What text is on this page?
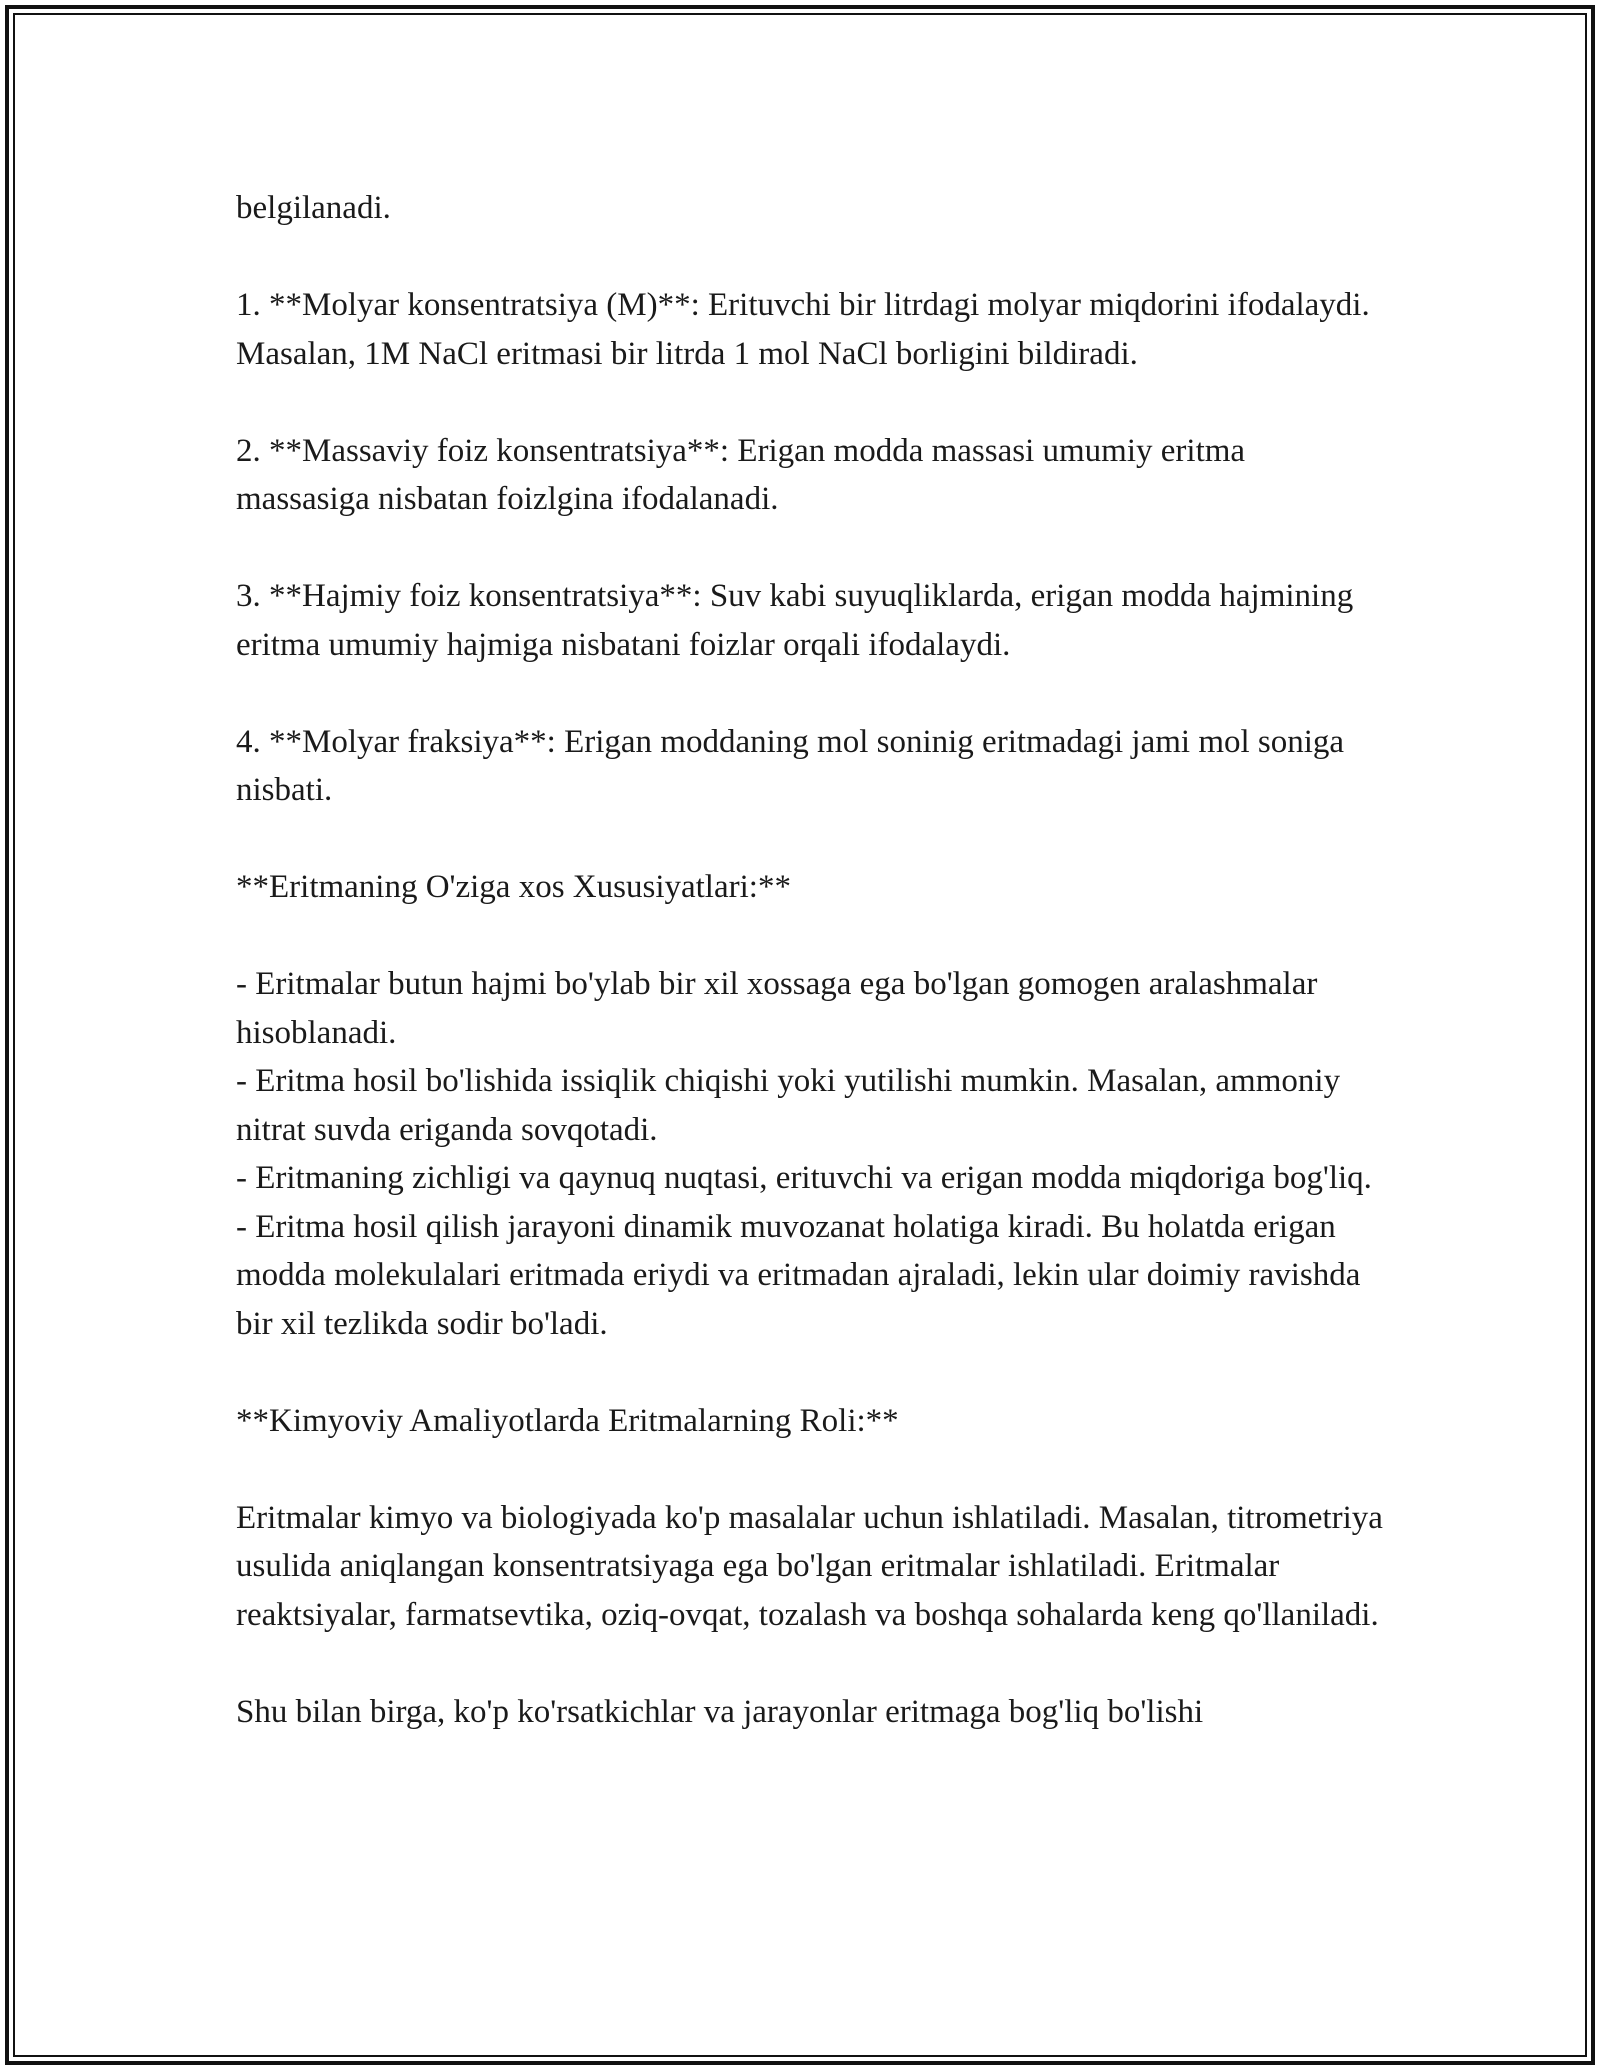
belgilanadi.

1. **Molyar konsentratsiya (M)**: Erituvchi bir litrdagi molyar miqdorini ifodalaydi. Masalan, 1M NaCl eritmasi bir litrda 1 mol NaCl borligini bildiradi.

2. **Massaviy foiz konsentratsiya**: Erigan modda massasi umumiy eritma massasiga nisbatan foizlgina ifodalanadi.

3. **Hajmiy foiz konsentratsiya**: Suv kabi suyuqliklarda, erigan modda hajmining eritma umumiy hajmiga nisbatani foizlar orqali ifodalaydi.

4. **Molyar fraksiya**: Erigan moddaning mol soninig eritmadagi jami mol soniga nisbati.

**Eritmaning O'ziga xos Xususiyatlari:**

- Eritmalar butun hajmi bo'ylab bir xil xossaga ega bo'lgan gomogen aralashmalar hisoblanadi.

- Eritma hosil bo'lishida issiqlik chiqishi yoki yutilishi mumkin. Masalan, ammoniy nitrat suvda eriganda sovqotadi.

- Eritmaning zichligi va qaynuq nuqtasi, erituvchi va erigan modda miqdoriga bog'liq.

- Eritma hosil qilish jarayoni dinamik muvozanat holatiga kiradi. Bu holatda erigan modda molekulalari eritmada eriydi va eritmadan ajraladi, lekin ular doimiy ravishda bir xil tezlikda sodir bo'ladi.

**Kimyoviy Amaliyotlarda Eritmalarning Roli:**

Eritmalar kimyo va biologiyada ko'p masalalar uchun ishlatiladi. Masalan, titrometriya usulida aniqlangan konsentratsiyaga ega bo'lgan eritmalar ishlatiladi. Eritmalar reaktsiyalar, farmatsevtika, oziq-ovqat, tozalash va boshqa sohalarda keng qo'llaniladi.

Shu bilan birga, ko'p ko'rsatkichlar va jarayonlar eritmaga bog'liq bo'lishi
